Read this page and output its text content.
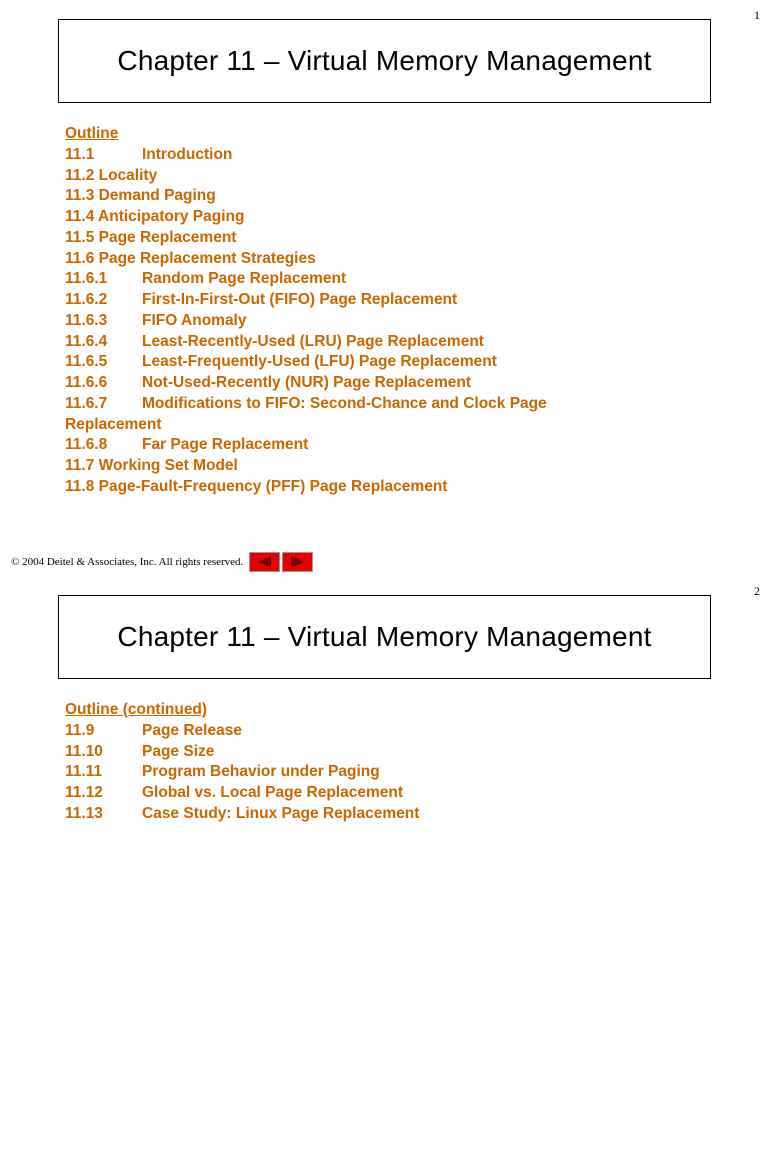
1
Chapter 11 – Virtual Memory Management
Outline
11.1	Introduction
11.2 Locality
11.3 Demand Paging
11.4 Anticipatory Paging
11.5 Page Replacement
11.6 Page Replacement Strategies
11.6.1 Random Page Replacement
11.6.2 First-In-First-Out (FIFO) Page Replacement
11.6.3 FIFO Anomaly
11.6.4 Least-Recently-Used (LRU) Page Replacement
11.6.5 Least-Frequently-Used (LFU) Page Replacement
11.6.6 Not-Used-Recently (NUR) Page Replacement
11.6.7 Modifications to FIFO: Second-Chance and Clock Page
Replacement
11.6.8 Far Page Replacement
11.7 Working Set Model
11.8 Page-Fault-Frequency (PFF) Page Replacement
© 2004 Deitel & Associates, Inc. All rights reserved.
2
Chapter 11 – Virtual Memory Management
Outline (continued)
11.9	Page Release
11.10	Page Size
11.11	Program Behavior under Paging
11.12	Global vs. Local Page Replacement
11.13	Case Study: Linux Page Replacement
